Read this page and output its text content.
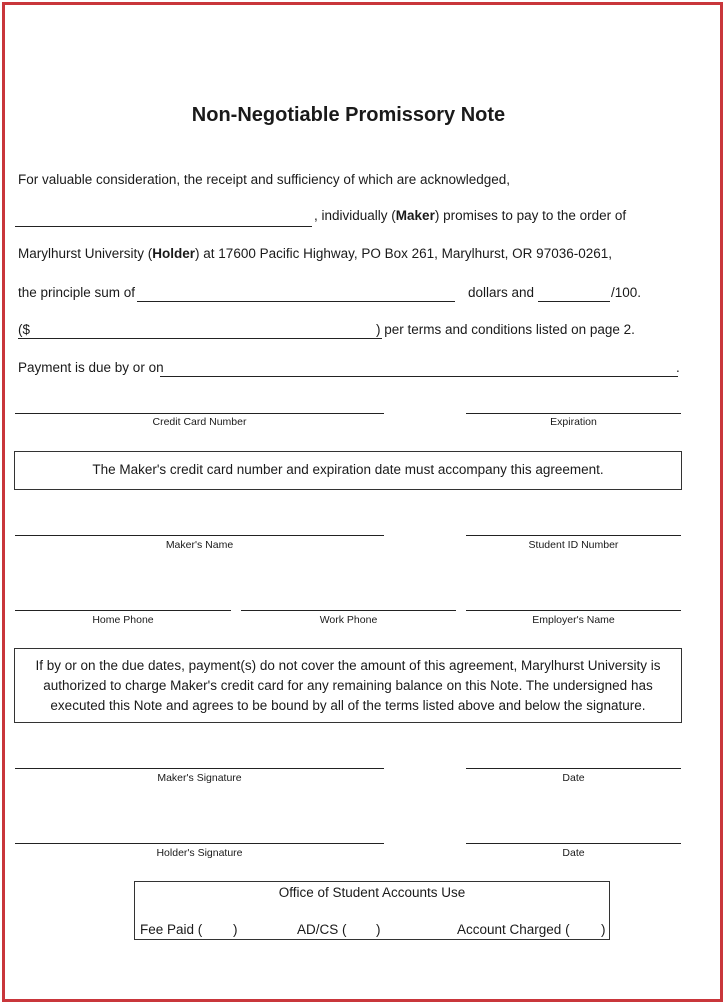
Non-Negotiable Promissory Note
For valuable consideration, the receipt and sufficiency of which are acknowledged,
, individually (Maker) promises to pay to the order of
Marylhurst University (Holder) at 17600 Pacific Highway, PO Box 261, Marylhurst, OR 97036-0261,
the principle sum of	dollars and	/100.
($	) per terms and conditions listed on page 2.
Payment is due by or on	.
Credit Card Number	Expiration
The Maker's credit card number and expiration date must accompany this agreement.
Maker's Name	Student ID Number
Home Phone	Work Phone	Employer's Name
If by or on the due dates, payment(s) do not cover the amount of this agreement, Marylhurst University is
authorized to charge Maker's credit card for any remaining balance on this Note. The undersigned has
executed this Note and agrees to be bound by all of the terms listed above and below the signature.
Maker's Signature	Date
Holder's Signature	Date
Office of Student Accounts Use
Fee Paid ( )	AD/CS ( )	Account Charged ( )
